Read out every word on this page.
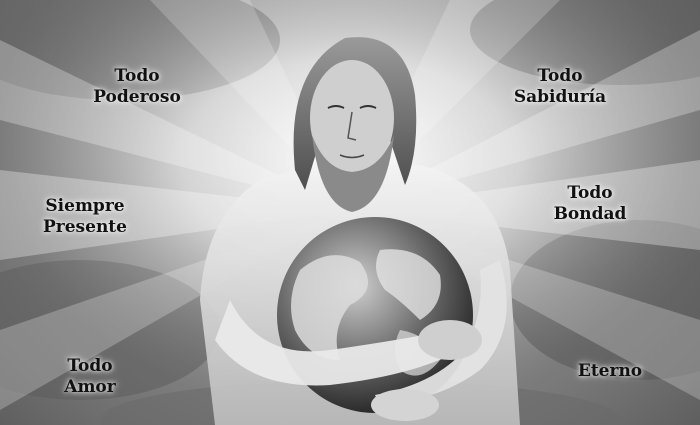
Todo
Poderoso
Todo
Sabiduría
Siempre
Presente
Todo
Bondad
Todo
Amor
Eterno
